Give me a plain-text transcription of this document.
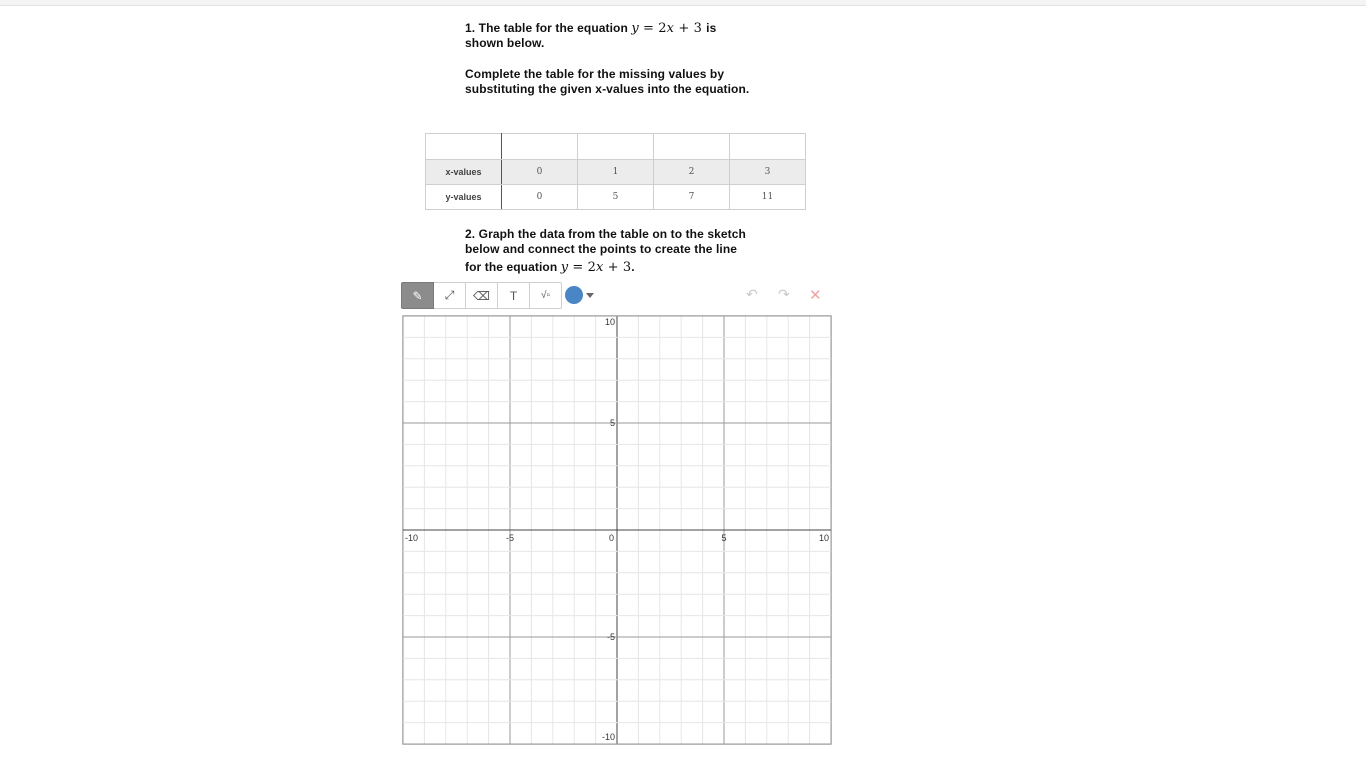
1. The table for the equation y = 2x + 3 is shown below.
Complete the table for the missing values by substituting the given x-values into the equation.

x-values	0	1	2	3
y-values	0	5	7	11
2. Graph the data from the table on to the sketch
below and connect the points to create the line
for the equation y = 2x + 3.
✎ ⤢ ⌫ T √▫	↶ ↷ ✕
-10	-5	0	5	10
10
5
-5
-10
